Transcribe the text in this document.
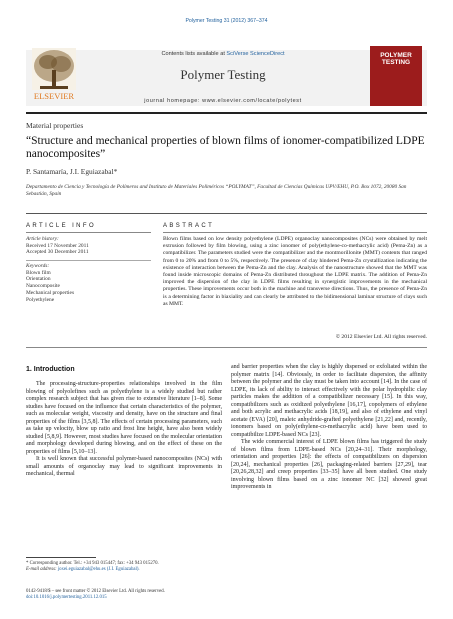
Polymer Testing 31 (2012) 367–374
ELSEVIER
Contents lists available at SciVerse ScienceDirect
Polymer Testing
journal homepage: www.elsevier.com/locate/polytest
POLYMER TESTING
Material properties
“Structure and mechanical properties of blown films of ionomer-compatibilized LDPE nanocomposites”
P. Santamaría, J.I. Eguiazabal*
Departamento de Ciencia y Tecnología de Polímeros and Instituto de Materiales Poliméricos “POLYMAT”, Facultad de Ciencias Químicas UPV/EHU, P.O. Box 1072, 20080 San Sebastián, Spain
ARTICLE INFO	ABSTRACT
Article history:
Received 17 November 2011
Accepted 30 December 2011
Keywords:
Blown film
Orientation
Nanocomposite
Mechanical properties
Polyethylene
Blown films based on low density polyethylene (LDPE) organoclay nanocomposites (NCs) were obtained by melt extrusion followed by film blowing, using a zinc ionomer of poly(ethylene-co-methacrylic acid) (Pema-Zn) as a compatibilizer. The parameters studied were the compatibilizer and the montmorillonite (MMT) contents that ranged from 0 to 20% and from 0 to 5%, respectively. The presence of clay hindered Pema-Zn crystallization indicating the existence of interaction between the Pema-Zn and the clay. Analysis of the nanostructure showed that the MMT was found inside microscopic domains of Pema-Zn distributed throughout the LDPE matrix. The addition of Pema-Zn improved the dispersion of the clay in LDPE films resulting in synergistic improvements in the mechanical properties. These improvements occur both in the machine and transverse directions. Thus, the presence of Pema-Zn is a determining factor in biaxiality and can clearly be attributed to the bidimensional laminar structure of clays such as MMT.
© 2012 Elsevier Ltd. All rights reserved.
1. Introduction

The processing-structure-properties relationships involved in the film blowing of polyolefines such as polyethylene is a widely studied but rather complex research subject that has given rise to extensive literature [1–8]. Some studies have focused on the influence that certain characteristics of the polymer, such as molecular weight, viscosity and density, have on the structure and final properties of the films [3,5,8]. The effects of certain processing parameters, such as take up velocity, blow up ratio and frost line height, have also been widely studied [5,8,9]. However, most studies have focused on the molecular orientation and morphology developed during blowing, and on the effect of these on the properties of films [5,10–13].

It is well known that successful polymer-based nanocomposites (NCs) with small amounts of organoclay may lead to significant improvements in mechanical, thermal

and barrier properties when the clay is highly dispersed or exfoliated within the polymer matrix [14]. Obviously, in order to facilitate dispersion, the affinity between the polymer and the clay must be taken into account [14]. In the case of LDPE, its lack of ability to interact effectively with the polar hydrophilic clay particles makes the addition of a compatibilizer necessary [15]. In this way, compatibilizers such as oxidized polyethylene [16,17], copolymers of ethylene and both acrylic and methacrylic acids [18,19], and also of ethylene and vinyl acetate (EVA) [20], maleic anhydride-grafted polyethylene [21,22] and, recently, ionomers based on poly(ethylene-co-methacrylic acid) have been used to compatibilize LDPE-based NCs [23].

The wide commercial interest of LDPE blown films has triggered the study of blown films from LDPE-based NCs [20,24–31]. Their morphology, orientation and properties [26]: the effects of compatibilizers on dispersion [20,24], mechanical properties [26], packaging-related barriers [27,29], tear [20,26,28,32] and creep properties [33–35] have all been studied. One study involving blown films based on a zinc ionomer NC [32] showed great improvements in

* Corresponding author. Tel.: +34 943 015447; fax: +34 943 015270.
E-mail address: joxei.eguiazabal@ehu.es (J.I. Eguiazabal).
0142-9418/$ – see front matter © 2012 Elsevier Ltd. All rights reserved.
doi:10.1016/j.polymertesting.2011.12.015
